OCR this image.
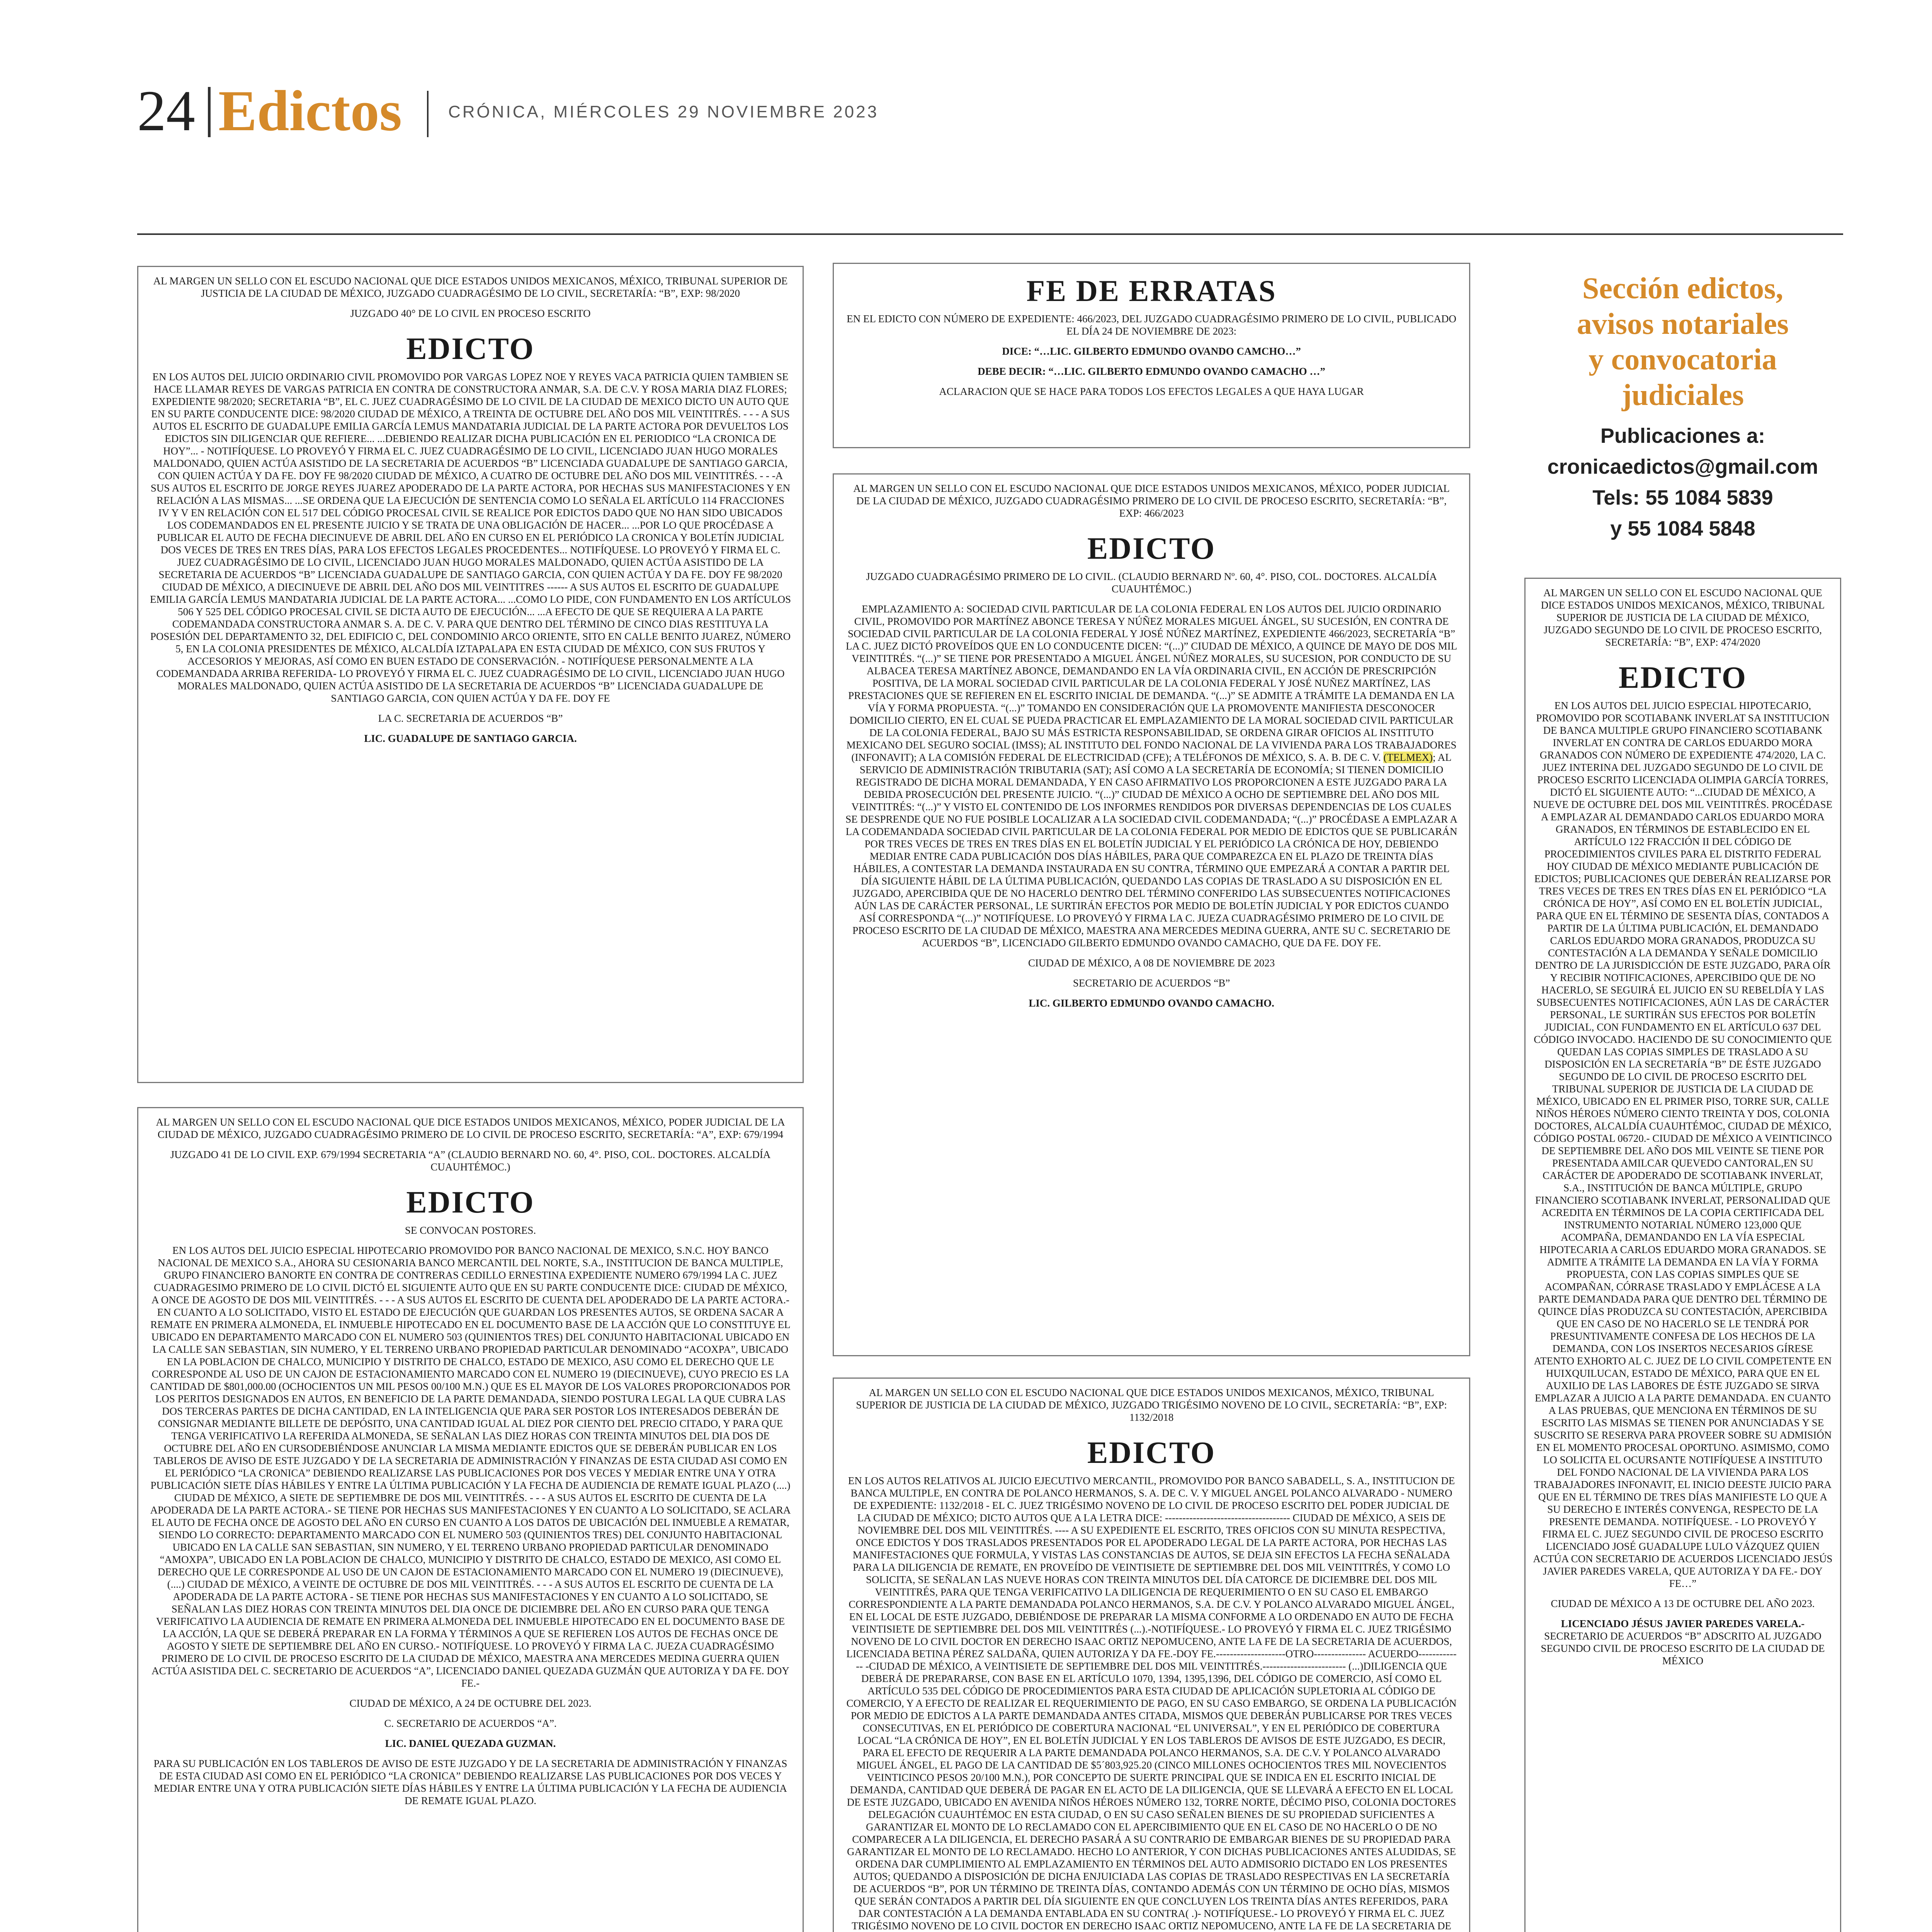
24 Edictos	CRÓNICA, MIÉRCOLES 29 NOVIEMBRE 2023

AL MARGEN UN SELLO CON EL ESCUDO NACIONAL QUE DICE ESTADOS UNIDOS MEXICANOS, MÉXICO, TRIBUNAL SUPERIOR DE JUSTICIA DE LA CIUDAD DE MÉXICO, JUZGADO CUADRAGÉSIMO DE LO CIVIL, SECRETARÍA: “B”, EXP: 98/2020

JUZGADO 40° DE LO CIVIL EN PROCESO ESCRITO

EDICTO

EN LOS AUTOS DEL JUICIO ORDINARIO CIVIL PROMOVIDO POR VARGAS LOPEZ NOE Y REYES VACA PATRICIA QUIEN TAMBIEN SE HACE LLAMAR REYES DE VARGAS PATRICIA EN CONTRA DE CONSTRUCTORA ANMAR, S.A. DE C.V. Y ROSA MARIA DIAZ FLORES; EXPEDIENTE 98/2020; SECRETARIA “B”, EL C. JUEZ CUADRAGÉSIMO DE LO CIVIL DE LA CIUDAD DE MEXICO DICTO UN AUTO QUE EN SU PARTE CONDUCENTE DICE: 98/2020 CIUDAD DE MÉXICO, A TREINTA DE OCTUBRE DEL AÑO DOS MIL VEINTITRÉS. - - - A SUS AUTOS EL ESCRITO DE GUADALUPE EMILIA GARCÍA LEMUS MANDATARIA JUDICIAL DE LA PARTE ACTORA POR DEVUELTOS LOS EDICTOS SIN DILIGENCIAR QUE REFIERE... ...DEBIENDO REALIZAR DICHA PUBLICACIÓN EN EL PERIODICO “LA CRONICA DE HOY”... - NOTIFÍQUESE. LO PROVEYÓ Y FIRMA EL C. JUEZ CUADRAGÉSIMO DE LO CIVIL, LICENCIADO JUAN HUGO MORALES MALDONADO, QUIEN ACTÚA ASISTIDO DE LA SECRETARIA DE ACUERDOS “B” LICENCIADA GUADALUPE DE SANTIAGO GARCIA, CON QUIEN ACTÚA Y DA FE. DOY FE 98/2020 CIUDAD DE MÉXICO, A CUATRO DE OCTUBRE DEL AÑO DOS MIL VEINTITRÉS. - - -A SUS AUTOS EL ESCRITO DE JORGE REYES JUAREZ APODERADO DE LA PARTE ACTORA, POR HECHAS SUS MANIFESTACIONES Y EN RELACIÓN A LAS MISMAS... ...SE ORDENA QUE LA EJECUCIÓN DE SENTENCIA COMO LO SEÑALA EL ARTÍCULO 114 FRACCIONES IV Y V EN RELACIÓN CON EL 517 DEL CÓDIGO PROCESAL CIVIL SE REALICE POR EDICTOS DADO QUE NO HAN SIDO UBICADOS LOS CODEMANDADOS EN EL PRESENTE JUICIO Y SE TRATA DE UNA OBLIGACIÓN DE HACER... ...POR LO QUE PROCÉDASE A PUBLICAR EL AUTO DE FECHA DIECINUEVE DE ABRIL DEL AÑO EN CURSO EN EL PERIÓDICO LA CRONICA Y BOLETÍN JUDICIAL DOS VECES DE TRES EN TRES DÍAS, PARA LOS EFECTOS LEGALES PROCEDENTES... NOTIFÍQUESE. LO PROVEYÓ Y FIRMA EL C. JUEZ CUADRAGÉSIMO DE LO CIVIL, LICENCIADO JUAN HUGO MORALES MALDONADO, QUIEN ACTÚA ASISTIDO DE LA SECRETARIA DE ACUERDOS “B” LICENCIADA GUADALUPE DE SANTIAGO GARCIA, CON QUIEN ACTÚA Y DA FE. DOY FE 98/2020 CIUDAD DE MÉXICO, A DIECINUEVE DE ABRIL DEL AÑO DOS MIL VEINTITRES ------ A SUS AUTOS EL ESCRITO DE GUADALUPE EMILIA GARCÍA LEMUS MANDATARIA JUDICIAL DE LA PARTE ACTORA... ...COMO LO PIDE, CON FUNDAMENTO EN LOS ARTÍCULOS 506 Y 525 DEL CÓDIGO PROCESAL CIVIL SE DICTA AUTO DE EJECUCIÓN... ...A EFECTO DE QUE SE REQUIERA A LA PARTE CODEMANDADA CONSTRUCTORA ANMAR S. A. DE C. V. PARA QUE DENTRO DEL TÉRMINO DE CINCO DIAS RESTITUYA LA POSESIÓN DEL DEPARTAMENTO 32, DEL EDIFICIO C, DEL CONDOMINIO ARCO ORIENTE, SITO EN CALLE BENITO JUAREZ, NÚMERO 5, EN LA COLONIA PRESIDENTES DE MÉXICO, ALCALDÍA IZTAPALAPA EN ESTA CIUDAD DE MÉXICO, CON SUS FRUTOS Y ACCESORIOS Y MEJORAS, ASÍ COMO EN BUEN ESTADO DE CONSERVACIÓN. - NOTIFÍQUESE PERSONALMENTE A LA CODEMANDADA ARRIBA REFERIDA- LO PROVEYÓ Y FIRMA EL C. JUEZ CUADRAGÉSIMO DE LO CIVIL, LICENCIADO JUAN HUGO MORALES MALDONADO, QUIEN ACTÚA ASISTIDO DE LA SECRETARIA DE ACUERDOS “B” LICENCIADA GUADALUPE DE SANTIAGO GARCIA, CON QUIEN ACTÚA Y DA FE. DOY FE

LA C. SECRETARIA DE ACUERDOS “B”

LIC. GUADALUPE DE SANTIAGO GARCIA.

AL MARGEN UN SELLO CON EL ESCUDO NACIONAL QUE DICE ESTADOS UNIDOS MEXICANOS, MÉXICO, PODER JUDICIAL DE LA CIUDAD DE MÉXICO, JUZGADO CUADRAGÉSIMO PRIMERO DE LO CIVIL DE PROCESO ESCRITO, SECRETARÍA: “A”, EXP: 679/1994

JUZGADO 41 DE LO CIVIL EXP. 679/1994 SECRETARIA “A” (CLAUDIO BERNARD NO. 60, 4°. PISO, COL. DOCTORES. ALCALDÍA CUAUHTÉMOC.)

EDICTO

SE CONVOCAN POSTORES.

EN LOS AUTOS DEL JUICIO ESPECIAL HIPOTECARIO PROMOVIDO POR BANCO NACIONAL DE MEXICO, S.N.C. HOY BANCO NACIONAL DE MEXICO S.A., AHORA SU CESIONARIA BANCO MERCANTIL DEL NORTE, S.A., INSTITUCION DE BANCA MULTIPLE, GRUPO FINANCIERO BANORTE EN CONTRA DE CONTRERAS CEDILLO ERNESTINA EXPEDIENTE NUMERO 679/1994 LA C. JUEZ CUADRAGESIMO PRIMERO DE LO CIVIL DICTÓ EL SIGUIENTE AUTO QUE EN SU PARTE CONDUCENTE DICE: CIUDAD DE MÉXICO, A ONCE DE AGOSTO DE DOS MIL VEINTITRÉS. - - - A SUS AUTOS EL ESCRITO DE CUENTA DEL APODERADO DE LA PARTE ACTORA.- EN CUANTO A LO SOLICITADO, VISTO EL ESTADO DE EJECUCIÓN QUE GUARDAN LOS PRESENTES AUTOS, SE ORDENA SACAR A REMATE EN PRIMERA ALMONEDA, EL INMUEBLE HIPOTECADO EN EL DOCUMENTO BASE DE LA ACCIÓN QUE LO CONSTITUYE EL UBICADO EN DEPARTAMENTO MARCADO CON EL NUMERO 503 (QUINIENTOS TRES) DEL CONJUNTO HABITACIONAL UBICADO EN LA CALLE SAN SEBASTIAN, SIN NUMERO, Y EL TERRENO URBANO PROPIEDAD PARTICULAR DENOMINADO “ACOXPA”, UBICADO EN LA POBLACION DE CHALCO, MUNICIPIO Y DISTRITO DE CHALCO, ESTADO DE MEXICO, ASU COMO EL DERECHO QUE LE CORRESPONDE AL USO DE UN CAJON DE ESTACIONAMIENTO MARCADO CON EL NUMERO 19 (DIECINUEVE), CUYO PRECIO ES LA CANTIDAD DE $801,000.00 (OCHOCIENTOS UN MIL PESOS 00/100 M.N.) QUE ES EL MAYOR DE LOS VALORES PROPORCIONADOS POR LOS PERITOS DESIGNADOS EN AUTOS, EN BENEFICIO DE LA PARTE DEMANDADA, SIENDO POSTURA LEGAL LA QUE CUBRA LAS DOS TERCERAS PARTES DE DICHA CANTIDAD, EN LA INTELIGENCIA QUE PARA SER POSTOR LOS INTERESADOS DEBERÁN DE CONSIGNAR MEDIANTE BILLETE DE DEPÓSITO, UNA CANTIDAD IGUAL AL DIEZ POR CIENTO DEL PRECIO CITADO, Y PARA QUE TENGA VERIFICATIVO LA REFERIDA ALMONEDA, SE SEÑALAN LAS DIEZ HORAS CON TREINTA MINUTOS DEL DIA DOS DE OCTUBRE DEL AÑO EN CURSODEBIÉNDOSE ANUNCIAR LA MISMA MEDIANTE EDICTOS QUE SE DEBERÁN PUBLICAR EN LOS TABLEROS DE AVISO DE ESTE JUZGADO Y DE LA SECRETARIA DE ADMINISTRACIÓN Y FINANZAS DE ESTA CIUDAD ASI COMO EN EL PERIÓDICO “LA CRONICA” DEBIENDO REALIZARSE LAS PUBLICACIONES POR DOS VECES Y MEDIAR ENTRE UNA Y OTRA PUBLICACIÓN SIETE DÍAS HÁBILES Y ENTRE LA ÚLTIMA PUBLICACIÓN Y LA FECHA DE AUDIENCIA DE REMATE IGUAL PLAZO (....) CIUDAD DE MÉXICO, A SIETE DE SEPTIEMBRE DE DOS MIL VEINTITRÉS. - - - A SUS AUTOS EL ESCRITO DE CUENTA DE LA APODERADA DE LA PARTE ACTORA.- SE TIENE POR HECHAS SUS MANIFESTACIONES Y EN CUANTO A LO SOLICITADO, SE ACLARA EL AUTO DE FECHA ONCE DE AGOSTO DEL AÑO EN CURSO EN CUANTO A LOS DATOS DE UBICACIÓN DEL INMUEBLE A REMATAR, SIENDO LO CORRECTO: DEPARTAMENTO MARCADO CON EL NUMERO 503 (QUINIENTOS TRES) DEL CONJUNTO HABITACIONAL UBICADO EN LA CALLE SAN SEBASTIAN, SIN NUMERO, Y EL TERRENO URBANO PROPIEDAD PARTICULAR DENOMINADO “AMOXPA”, UBICADO EN LA POBLACION DE CHALCO, MUNICIPIO Y DISTRITO DE CHALCO, ESTADO DE MEXICO, ASI COMO EL DERECHO QUE LE CORRESPONDE AL USO DE UN CAJON DE ESTACIONAMIENTO MARCADO CON EL NUMERO 19 (DIECINUEVE), (....) CIUDAD DE MÉXICO, A VEINTE DE OCTUBRE DE DOS MIL VEINTITRÉS. - - - A SUS AUTOS EL ESCRITO DE CUENTA DE LA APODERADA DE LA PARTE ACTORA - SE TIENE POR HECHAS SUS MANIFESTACIONES Y EN CUANTO A LO SOLICITADO, SE SEÑALAN LAS DIEZ HORAS CON TREINTA MINUTOS DEL DIA ONCE DE DICIEMBRE DEL AÑO EN CURSO PARA QUE TENGA VERIFICATIVO LA AUDIENCIA DE REMATE EN PRIMERA ALMONEDA DEL INMUEBLE HIPOTECADO EN EL DOCUMENTO BASE DE LA ACCIÓN, LA QUE SE DEBERÁ PREPARAR EN LA FORMA Y TÉRMINOS A QUE SE REFIEREN LOS AUTOS DE FECHAS ONCE DE AGOSTO Y SIETE DE SEPTIEMBRE DEL AÑO EN CURSO.- NOTIFÍQUESE. LO PROVEYÓ Y FIRMA LA C. JUEZA CUADRAGÉSIMO PRIMERO DE LO CIVIL DE PROCESO ESCRITO DE LA CIUDAD DE MÉXICO, MAESTRA ANA MERCEDES MEDINA GUERRA QUIEN ACTÚA ASISTIDA DEL C. SECRETARIO DE ACUERDOS “A”, LICENCIADO DANIEL QUEZADA GUZMÁN QUE AUTORIZA Y DA FE. DOY FE.-

CIUDAD DE MÉXICO, A 24 DE OCTUBRE DEL 2023.

C. SECRETARIO DE ACUERDOS “A”.

LIC. DANIEL QUEZADA GUZMAN.

PARA SU PUBLICACIÓN EN LOS TABLEROS DE AVISO DE ESTE JUZGADO Y DE LA SECRETARIA DE ADMINISTRACIÓN Y FINANZAS DE ESTA CIUDAD ASI COMO EN EL PERIÓDICO “LA CRONICA” DEBIENDO REALIZARSE LAS PUBLICACIONES POR DOS VECES Y MEDIAR ENTRE UNA Y OTRA PUBLICACIÓN SIETE DÍAS HÁBILES Y ENTRE LA ÚLTIMA PUBLICACIÓN Y LA FECHA DE AUDIENCIA DE REMATE IGUAL PLAZO.

FE DE ERRATAS

EN EL EDICTO CON NÚMERO DE EXPEDIENTE: 466/2023, DEL JUZGADO CUADRAGÉSIMO PRIMERO DE LO CIVIL, PUBLICADO EL DÍA 24 DE NOVIEMBRE DE 2023:

DICE: “…LIC. GILBERTO EDMUNDO OVANDO CAMCHO…”

DEBE DECIR: “…LIC. GILBERTO EDMUNDO OVANDO CAMACHO …”

ACLARACION QUE SE HACE PARA TODOS LOS EFECTOS LEGALES A QUE HAYA LUGAR

AL MARGEN UN SELLO CON EL ESCUDO NACIONAL QUE DICE ESTADOS UNIDOS MEXICANOS, MÉXICO, PODER JUDICIAL DE LA CIUDAD DE MÉXICO, JUZGADO CUADRAGÉSIMO PRIMERO DE LO CIVIL DE PROCESO ESCRITO, SECRETARÍA: “B”, EXP: 466/2023

EDICTO

JUZGADO CUADRAGÉSIMO PRIMERO DE LO CIVIL. (CLAUDIO BERNARD Nº. 60, 4°. PISO, COL. DOCTORES. ALCALDÍA CUAUHTÉMOC.)

EMPLAZAMIENTO A: SOCIEDAD CIVIL PARTICULAR DE LA COLONIA FEDERAL EN LOS AUTOS DEL JUICIO ORDINARIO CIVIL, PROMOVIDO POR MARTÍNEZ ABONCE TERESA Y NÚÑEZ MORALES MIGUEL ÁNGEL, SU SUCESIÓN, EN CONTRA DE SOCIEDAD CIVIL PARTICULAR DE LA COLONIA FEDERAL Y JOSÉ NÚÑEZ MARTÍNEZ, EXPEDIENTE 466/2023, SECRETARÍA “B” LA C. JUEZ DICTÓ PROVEÍDOS QUE EN LO CONDUCENTE DICEN: “(...)” CIUDAD DE MÉXICO, A QUINCE DE MAYO DE DOS MIL VEINTITRÉS. “(...)” SE TIENE POR PRESENTADO A MIGUEL ÁNGEL NÚÑEZ MORALES, SU SUCESION, POR CONDUCTO DE SU ALBACEA TERESA MARTÍNEZ ABONCE, DEMANDANDO EN LA VÍA ORDINARIA CIVIL, EN ACCIÓN DE PRESCRIPCIÓN POSITIVA, DE LA MORAL SOCIEDAD CIVIL PARTICULAR DE LA COLONIA FEDERAL Y JOSÉ NUÑEZ MARTÍNEZ, LAS PRESTACIONES QUE SE REFIEREN EN EL ESCRITO INICIAL DE DEMANDA. “(...)” SE ADMITE A TRÁMITE LA DEMANDA EN LA VÍA Y FORMA PROPUESTA. “(...)” TOMANDO EN CONSIDERACIÓN QUE LA PROMOVENTE MANIFIESTA DESCONOCER DOMICILIO CIERTO, EN EL CUAL SE PUEDA PRACTICAR EL EMPLAZAMIENTO DE LA MORAL SOCIEDAD CIVIL PARTICULAR DE LA COLONIA FEDERAL, BAJO SU MÁS ESTRICTA RESPONSABILIDAD, SE ORDENA GIRAR OFICIOS AL INSTITUTO MEXICANO DEL SEGURO SOCIAL (IMSS); AL INSTITUTO DEL FONDO NACIONAL DE LA VIVIENDA PARA LOS TRABAJADORES (INFONAVIT); A LA COMISIÓN FEDERAL DE ELECTRICIDAD (CFE); A TELÉFONOS DE MÉXICO, S. A. B. DE C. V. (TELMEX); AL SERVICIO DE ADMINISTRACIÓN TRIBUTARIA (SAT); ASÍ COMO A LA SECRETARÍA DE ECONOMÍA; SI TIENEN DOMICILIO REGISTRADO DE DICHA MORAL DEMANDADA, Y EN CASO AFIRMATIVO LOS PROPORCIONEN A ESTE JUZGADO PARA LA DEBIDA PROSECUCIÓN DEL PRESENTE JUICIO. “(...)” CIUDAD DE MÉXICO A OCHO DE SEPTIEMBRE DEL AÑO DOS MIL VEINTITRÉS: “(...)” Y VISTO EL CONTENIDO DE LOS INFORMES RENDIDOS POR DIVERSAS DEPENDENCIAS DE LOS CUALES SE DESPRENDE QUE NO FUE POSIBLE LOCALIZAR A LA SOCIEDAD CIVIL CODEMANDADA; “(...)” PROCÉDASE A EMPLAZAR A LA CODEMANDADA SOCIEDAD CIVIL PARTICULAR DE LA COLONIA FEDERAL POR MEDIO DE EDICTOS QUE SE PUBLICARÁN POR TRES VECES DE TRES EN TRES DÍAS EN EL BOLETÍN JUDICIAL Y EL PERIÓDICO LA CRÓNICA DE HOY, DEBIENDO MEDIAR ENTRE CADA PUBLICACIÓN DOS DÍAS HÁBILES, PARA QUE COMPAREZCA EN EL PLAZO DE TREINTA DÍAS HÁBILES, A CONTESTAR LA DEMANDA INSTAURADA EN SU CONTRA, TÉRMINO QUE EMPEZARÁ A CONTAR A PARTIR DEL DÍA SIGUIENTE HÁBIL DE LA ÚLTIMA PUBLICACIÓN, QUEDANDO LAS COPIAS DE TRASLADO A SU DISPOSICIÓN EN EL JUZGADO, APERCIBIDA QUE DE NO HACERLO DENTRO DEL TÉRMINO CONFERIDO LAS SUBSECUENTES NOTIFICACIONES AÚN LAS DE CARÁCTER PERSONAL, LE SURTIRÁN EFECTOS POR MEDIO DE BOLETÍN JUDICIAL Y POR EDICTOS CUANDO ASÍ CORRESPONDA “(...)” NOTIFÍQUESE. LO PROVEYÓ Y FIRMA LA C. JUEZA CUADRAGÉSIMO PRIMERO DE LO CIVIL DE PROCESO ESCRITO DE LA CIUDAD DE MÉXICO, MAESTRA ANA MERCEDES MEDINA GUERRA, ANTE SU C. SECRETARIO DE ACUERDOS “B”, LICENCIADO GILBERTO EDMUNDO OVANDO CAMACHO, QUE DA FE. DOY FE.

CIUDAD DE MÉXICO, A 08 DE NOVIEMBRE DE 2023

SECRETARIO DE ACUERDOS “B”

LIC. GILBERTO EDMUNDO OVANDO CAMACHO.

AL MARGEN UN SELLO CON EL ESCUDO NACIONAL QUE DICE ESTADOS UNIDOS MEXICANOS, MÉXICO, TRIBUNAL SUPERIOR DE JUSTICIA DE LA CIUDAD DE MÉXICO, JUZGADO TRIGÉSIMO NOVENO DE LO CIVIL, SECRETARÍA: “B”, EXP: 1132/2018

EDICTO

EN LOS AUTOS RELATIVOS AL JUICIO EJECUTIVO MERCANTIL, PROMOVIDO POR BANCO SABADELL, S. A., INSTITUCION DE BANCA MULTIPLE, EN CONTRA DE POLANCO HERMANOS, S. A. DE C. V. Y MIGUEL ANGEL POLANCO ALVARADO - NUMERO DE EXPEDIENTE: 1132/2018 - EL C. JUEZ TRIGÉSIMO NOVENO DE LO CIVIL DE PROCESO ESCRITO DEL PODER JUDICIAL DE LA CIUDAD DE MÉXICO; DICTO AUTOS QUE A LA LETRA DICE: ------------------------------------ CIUDAD DE MÉXICO, A SEIS DE NOVIEMBRE DEL DOS MIL VEINTITRÉS. ---- A SU EXPEDIENTE EL ESCRITO, TRES OFICIOS CON SU MINUTA RESPECTIVA, ONCE EDICTOS Y DOS TRASLADOS PRESENTADOS POR EL APODERADO LEGAL DE LA PARTE ACTORA, POR HECHAS LAS MANIFESTACIONES QUE FORMULA, Y VISTAS LAS CONSTANCIAS DE AUTOS, SE DEJA SIN EFECTOS LA FECHA SEÑALADA PARA LA DILIGENCIA DE REMATE, EN PROVEÍDO DE VEINTISIETE DE SEPTIEMBRE DEL DOS MIL VEINTITRÉS, Y COMO LO SOLICITA, SE SEÑALAN LAS NUEVE HORAS CON TREINTA MINUTOS DEL DÍA CATORCE DE DICIEMBRE DEL DOS MIL VEINTITRÉS, PARA QUE TENGA VERIFICATIVO LA DILIGENCIA DE REQUERIMIENTO O EN SU CASO EL EMBARGO CORRESPONDIENTE A LA PARTE DEMANDADA POLANCO HERMANOS, S.A. DE C.V. Y POLANCO ALVARADO MIGUEL ÁNGEL, EN EL LOCAL DE ESTE JUZGADO, DEBIÉNDOSE DE PREPARAR LA MISMA CONFORME A LO ORDENADO EN AUTO DE FECHA VEINTISIETE DE SEPTIEMBRE DEL DOS MIL VEINTITRÉS (...).-NOTIFÍQUESE.- LO PROVEYÓ Y FIRMA EL C. JUEZ TRIGÉSIMO NOVENO DE LO CIVIL DOCTOR EN DERECHO ISAAC ORTIZ NEPOMUCENO, ANTE LA FE DE LA SECRETARIA DE ACUERDOS, LICENCIADA BETINA PÉREZ SALDAÑA, QUIEN AUTORIZA Y DA FE.-DOY FE.--------------------OTRO--------------- ACUERDO------------- -CIUDAD DE MÉXICO, A VEINTISIETE DE SEPTIEMBRE DEL DOS MIL VEINTITRÉS.------------------------ (...)DILIGENCIA QUE DEBERÁ DE PREPARARSE, CON BASE EN EL ARTÍCULO 1070, 1394, 1395,1396, DEL CÓDIGO DE COMERCIO, ASÍ COMO EL ARTÍCULO 535 DEL CÓDIGO DE PROCEDIMIENTOS PARA ESTA CIUDAD DE APLICACIÓN SUPLETORIA AL CÓDIGO DE COMERCIO, Y A EFECTO DE REALIZAR EL REQUERIMIENTO DE PAGO, EN SU CASO EMBARGO, SE ORDENA LA PUBLICACIÓN POR MEDIO DE EDICTOS A LA PARTE DEMANDADA ANTES CITADA, MISMOS QUE DEBERÁN PUBLICARSE POR TRES VECES CONSECUTIVAS, EN EL PERIÓDICO DE COBERTURA NACIONAL “EL UNIVERSAL”, Y EN EL PERIÓDICO DE COBERTURA LOCAL “LA CRÓNICA DE HOY”, EN EL BOLETÍN JUDICIAL Y EN LOS TABLEROS DE AVISOS DE ESTE JUZGADO, ES DECIR, PARA EL EFECTO DE REQUERIR A LA PARTE DEMANDADA POLANCO HERMANOS, S.A. DE C.V. Y POLANCO ALVARADO MIGUEL ÁNGEL, EL PAGO DE LA CANTIDAD DE $5´803,925.20 (CINCO MILLONES OCHOCIENTOS TRES MIL NOVECIENTOS VEINTICINCO PESOS 20/100 M.N.), POR CONCEPTO DE SUERTE PRINCIPAL QUE SE INDICA EN EL ESCRITO INICIAL DE DEMANDA, CANTIDAD QUE DEBERÁ DE PAGAR EN EL ACTO DE LA DILIGENCIA, QUE SE LLEVARÁ A EFECTO EN EL LOCAL DE ESTE JUZGADO, UBICADO EN AVENIDA NIÑOS HÉROES NÚMERO 132, TORRE NORTE, DÉCIMO PISO, COLONIA DOCTORES DELEGACIÓN CUAUHTÉMOC EN ESTA CIUDAD, O EN SU CASO SEÑALEN BIENES DE SU PROPIEDAD SUFICIENTES A GARANTIZAR EL MONTO DE LO RECLAMADO CON EL APERCIBIMIENTO QUE EN EL CASO DE NO HACERLO O DE NO COMPARECER A LA DILIGENCIA, EL DERECHO PASARÁ A SU CONTRARIO DE EMBARGAR BIENES DE SU PROPIEDAD PARA GARANTIZAR EL MONTO DE LO RECLAMADO. HECHO LO ANTERIOR, Y CON DICHAS PUBLICACIONES ANTES ALUDIDAS, SE ORDENA DAR CUMPLIMIENTO AL EMPLAZAMIENTO EN TÉRMINOS DEL AUTO ADMISORIO DICTADO EN LOS PRESENTES AUTOS; QUEDANDO A DISPOSICIÓN DE DICHA ENJUICIADA LAS COPIAS DE TRASLADO RESPECTIVAS EN LA SECRETARÍA DE ACUERDOS “B”, POR UN TÉRMINO DE TREINTA DÍAS, CONTANDO ADEMÁS CON UN TÉRMINO DE OCHO DÍAS, MISMOS QUE SERÁN CONTADOS A PARTIR DEL DÍA SIGUIENTE EN QUE CONCLUYEN LOS TREINTA DÍAS ANTES REFERIDOS, PARA DAR CONTESTACIÓN A LA DEMANDA ENTABLADA EN SU CONTRA( .)- NOTIFÍQUESE.- LO PROVEYÓ Y FIRMA EL C. JUEZ TRIGÉSIMO NOVENO DE LO CIVIL DOCTOR EN DERECHO ISAAC ORTIZ NEPOMUCENO, ANTE LA FE DE LA SECRETARIA DE

Sección edictos,
avisos notariales
y convocatoria
judiciales
Publicaciones a:
cronicaedictos@gmail.com
Tels: 55 1084 5839
y 55 1084 5848

AL MARGEN UN SELLO CON EL ESCUDO NACIONAL QUE DICE ESTADOS UNIDOS MEXICANOS, MÉXICO, TRIBUNAL SUPERIOR DE JUSTICIA DE LA CIUDAD DE MÉXICO, JUZGADO SEGUNDO DE LO CIVIL DE PROCESO ESCRITO, SECRETARÍA: “B”, EXP: 474/2020

EDICTO

EN LOS AUTOS DEL JUICIO ESPECIAL HIPOTECARIO, PROMOVIDO POR SCOTIABANK INVERLAT SA INSTITUCION DE BANCA MULTIPLE GRUPO FINANCIERO SCOTIABANK INVERLAT EN CONTRA DE CARLOS EDUARDO MORA GRANADOS CON NÚMERO DE EXPEDIENTE 474/2020, LA C. JUEZ INTERINA DEL JUZGADO SEGUNDO DE LO CIVIL DE PROCESO ESCRITO LICENCIADA OLIMPIA GARCÍA TORRES, DICTÓ EL SIGUIENTE AUTO: “...CIUDAD DE MÉXICO, A NUEVE DE OCTUBRE DEL DOS MIL VEINTITRÉS. PROCÉDASE A EMPLAZAR AL DEMANDADO CARLOS EDUARDO MORA GRANADOS, EN TÉRMINOS DE ESTABLECIDO EN EL ARTÍCULO 122 FRACCIÓN II DEL CÓDIGO DE PROCEDIMIENTOS CIVILES PARA EL DISTRITO FEDERAL HOY CIUDAD DE MÉXICO MEDIANTE PUBLICACIÓN DE EDICTOS; PUBLICACIONES QUE DEBERÁN REALIZARSE POR TRES VECES DE TRES EN TRES DÍAS EN EL PERIÓDICO “LA CRÓNICA DE HOY”, ASÍ COMO EN EL BOLETÍN JUDICIAL, PARA QUE EN EL TÉRMINO DE SESENTA DÍAS, CONTADOS A PARTIR DE LA ÚLTIMA PUBLICACIÓN, EL DEMANDADO CARLOS EDUARDO MORA GRANADOS, PRODUZCA SU CONTESTACIÓN A LA DEMANDA Y SEÑALE DOMICILIO DENTRO DE LA JURISDICCIÓN DE ESTE JUZGADO, PARA OÍR Y RECIBIR NOTIFICACIONES, APERCIBIDO QUE DE NO HACERLO, SE SEGUIRÁ EL JUICIO EN SU REBELDÍA Y LAS SUBSECUENTES NOTIFICACIONES, AÚN LAS DE CARÁCTER PERSONAL, LE SURTIRÁN SUS EFECTOS POR BOLETÍN JUDICIAL, CON FUNDAMENTO EN EL ARTÍCULO 637 DEL CÓDIGO INVOCADO. HACIENDO DE SU CONOCIMIENTO QUE QUEDAN LAS COPIAS SIMPLES DE TRASLADO A SU DISPOSICIÓN EN LA SECRETARÍA “B” DE ÉSTE JUZGADO SEGUNDO DE LO CIVIL DE PROCESO ESCRITO DEL TRIBUNAL SUPERIOR DE JUSTICIA DE LA CIUDAD DE MÉXICO, UBICADO EN EL PRIMER PISO, TORRE SUR, CALLE NIÑOS HÉROES NÚMERO CIENTO TREINTA Y DOS, COLONIA DOCTORES, ALCALDÍA CUAUHTÉMOC, CIUDAD DE MÉXICO, CÓDIGO POSTAL 06720.- CIUDAD DE MÉXICO A VEINTICINCO DE SEPTIEMBRE DEL AÑO DOS MIL VEINTE SE TIENE POR PRESENTADA AMILCAR QUEVEDO CANTORAL,EN SU CARÁCTER DE APODERADO DE SCOTIABANK INVERLAT, S.A., INSTITUCIÓN DE BANCA MÚLTIPLE, GRUPO FINANCIERO SCOTIABANK INVERLAT, PERSONALIDAD QUE ACREDITA EN TÉRMINOS DE LA COPIA CERTIFICADA DEL INSTRUMENTO NOTARIAL NÚMERO 123,000 QUE ACOMPAÑA, DEMANDANDO EN LA VÍA ESPECIAL HIPOTECARIA A CARLOS EDUARDO MORA GRANADOS. SE ADMITE A TRÁMITE LA DEMANDA EN LA VÍA Y FORMA PROPUESTA, CON LAS COPIAS SIMPLES QUE SE ACOMPAÑAN, CÓRRASE TRASLADO Y EMPLÁCESE A LA PARTE DEMANDADA PARA QUE DENTRO DEL TÉRMINO DE QUINCE DÍAS PRODUZCA SU CONTESTACIÓN, APERCIBIDA QUE EN CASO DE NO HACERLO SE LE TENDRÁ POR PRESUNTIVAMENTE CONFESA DE LOS HECHOS DE LA DEMANDA, CON LOS INSERTOS NECESARIOS GÍRESE ATENTO EXHORTO AL C. JUEZ DE LO CIVIL COMPETENTE EN HUIXQUILUCAN, ESTADO DE MÉXICO, PARA QUE EN EL AUXILIO DE LAS LABORES DE ÉSTE JUZGADO SE SIRVA EMPLAZAR A JUICIO A LA PARTE DEMANDADA. EN CUANTO A LAS PRUEBAS, QUE MENCIONA EN TÉRMINOS DE SU ESCRITO LAS MISMAS SE TIENEN POR ANUNCIADAS Y SE SUSCRITO SE RESERVA PARA PROVEER SOBRE SU ADMISIÓN EN EL MOMENTO PROCESAL OPORTUNO. ASIMISMO, COMO LO SOLICITA EL OCURSANTE NOTIFÍQUESE A INSTITUTO DEL FONDO NACIONAL DE LA VIVIENDA PARA LOS TRABAJADORES INFONAVIT, EL INICIO DEESTE JUICIO PARA QUE EN EL TÉRMINO DE TRES DÍAS MANIFIESTE LO QUE A SU DERECHO E INTERÉS CONVENGA, RESPECTO DE LA PRESENTE DEMANDA. NOTIFÍQUESE. - LO PROVEYÓ Y FIRMA EL C. JUEZ SEGUNDO CIVIL DE PROCESO ESCRITO LICENCIADO JOSÉ GUADALUPE LULO VÁZQUEZ QUIEN ACTÚA CON SECRETARIO DE ACUERDOS LICENCIADO JESÚS JAVIER PAREDES VARELA, QUE AUTORIZA Y DA FE.- DOY FE…”

CIUDAD DE MÉXICO A 13 DE OCTUBRE DEL AÑO 2023.

LICENCIADO JÉSUS JAVIER PAREDES VARELA.-

SECRETARIO DE ACUERDOS “B” ADSCRITO AL JUZGADO SEGUNDO CIVIL DE PROCESO ESCRITO DE LA CIUDAD DE MÉXICO
